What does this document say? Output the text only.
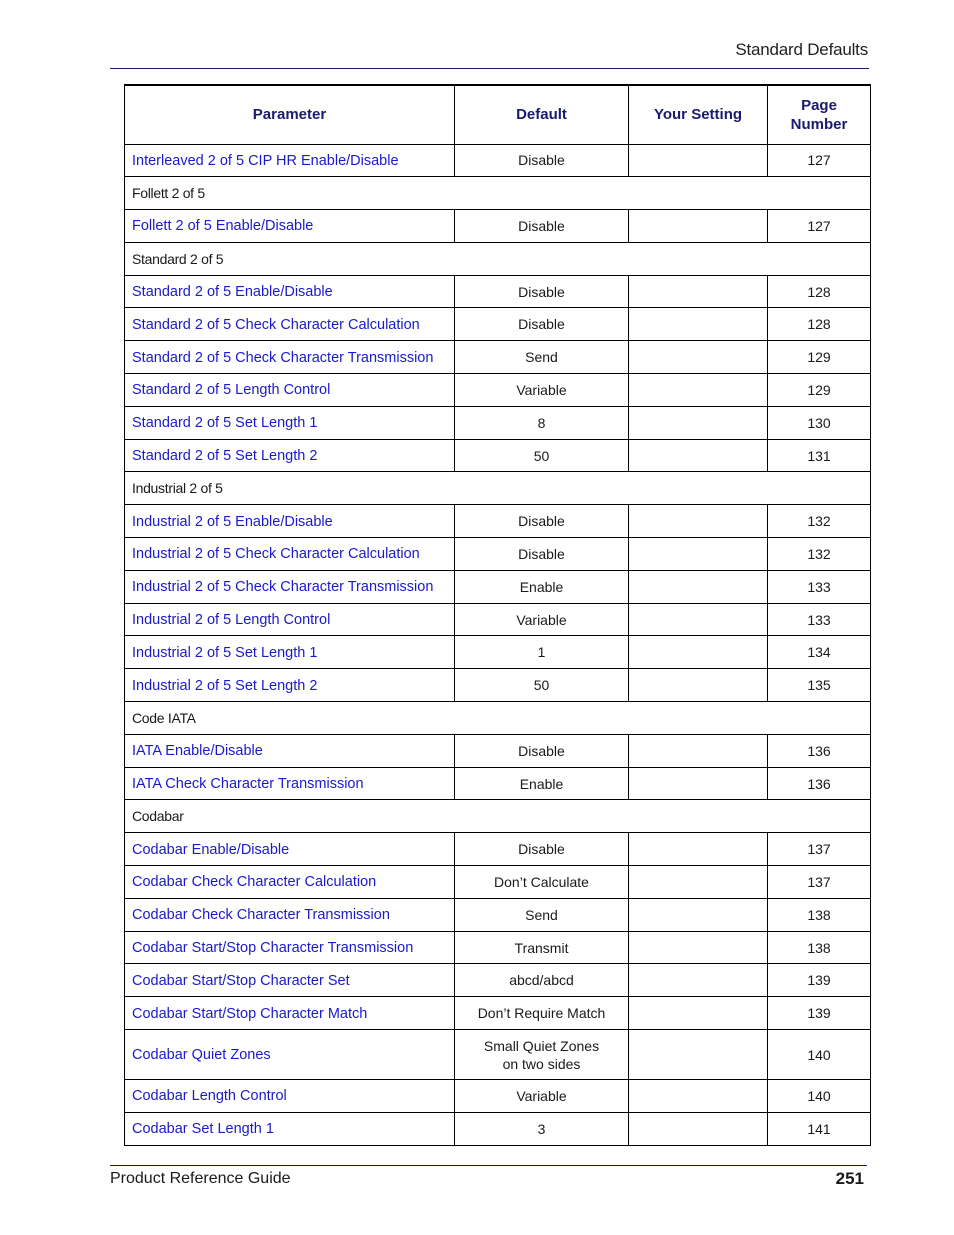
Standard Defaults
Parameter	Default	Your Setting	Page Number
Interleaved 2 of 5 CIP HR Enable/Disable	Disable		127
Follett 2 of 5			
Follett 2 of 5 Enable/Disable	Disable		127
Standard 2 of 5			
Standard 2 of 5 Enable/Disable	Disable		128
Standard 2 of 5 Check Character Calculation	Disable		128
Standard 2 of 5 Check Character Transmission	Send		129
Standard 2 of 5 Length Control	Variable		129
Standard 2 of 5 Set Length 1	8		130
Standard 2 of 5 Set Length 2	50		131
Industrial 2 of 5			
Industrial 2 of 5 Enable/Disable	Disable		132
Industrial 2 of 5 Check Character Calculation	Disable		132
Industrial 2 of 5 Check Character Transmission	Enable		133
Industrial 2 of 5 Length Control	Variable		133
Industrial 2 of 5 Set Length 1	1		134
Industrial 2 of 5 Set Length 2	50		135
Code IATA			
IATA Enable/Disable	Disable		136
IATA Check Character Transmission	Enable		136
Codabar			
Codabar Enable/Disable	Disable		137
Codabar Check Character Calculation	Don’t Calculate		137
Codabar Check Character Transmission	Send		138
Codabar Start/Stop Character Transmission	Transmit		138
Codabar Start/Stop Character Set	abcd/abcd		139
Codabar Start/Stop Character Match	Don’t Require Match		139
Codabar Quiet Zones	Small Quiet Zones on two sides		140
Codabar Length Control	Variable		140
Codabar Set Length 1	3		141
Product Reference Guide	251
